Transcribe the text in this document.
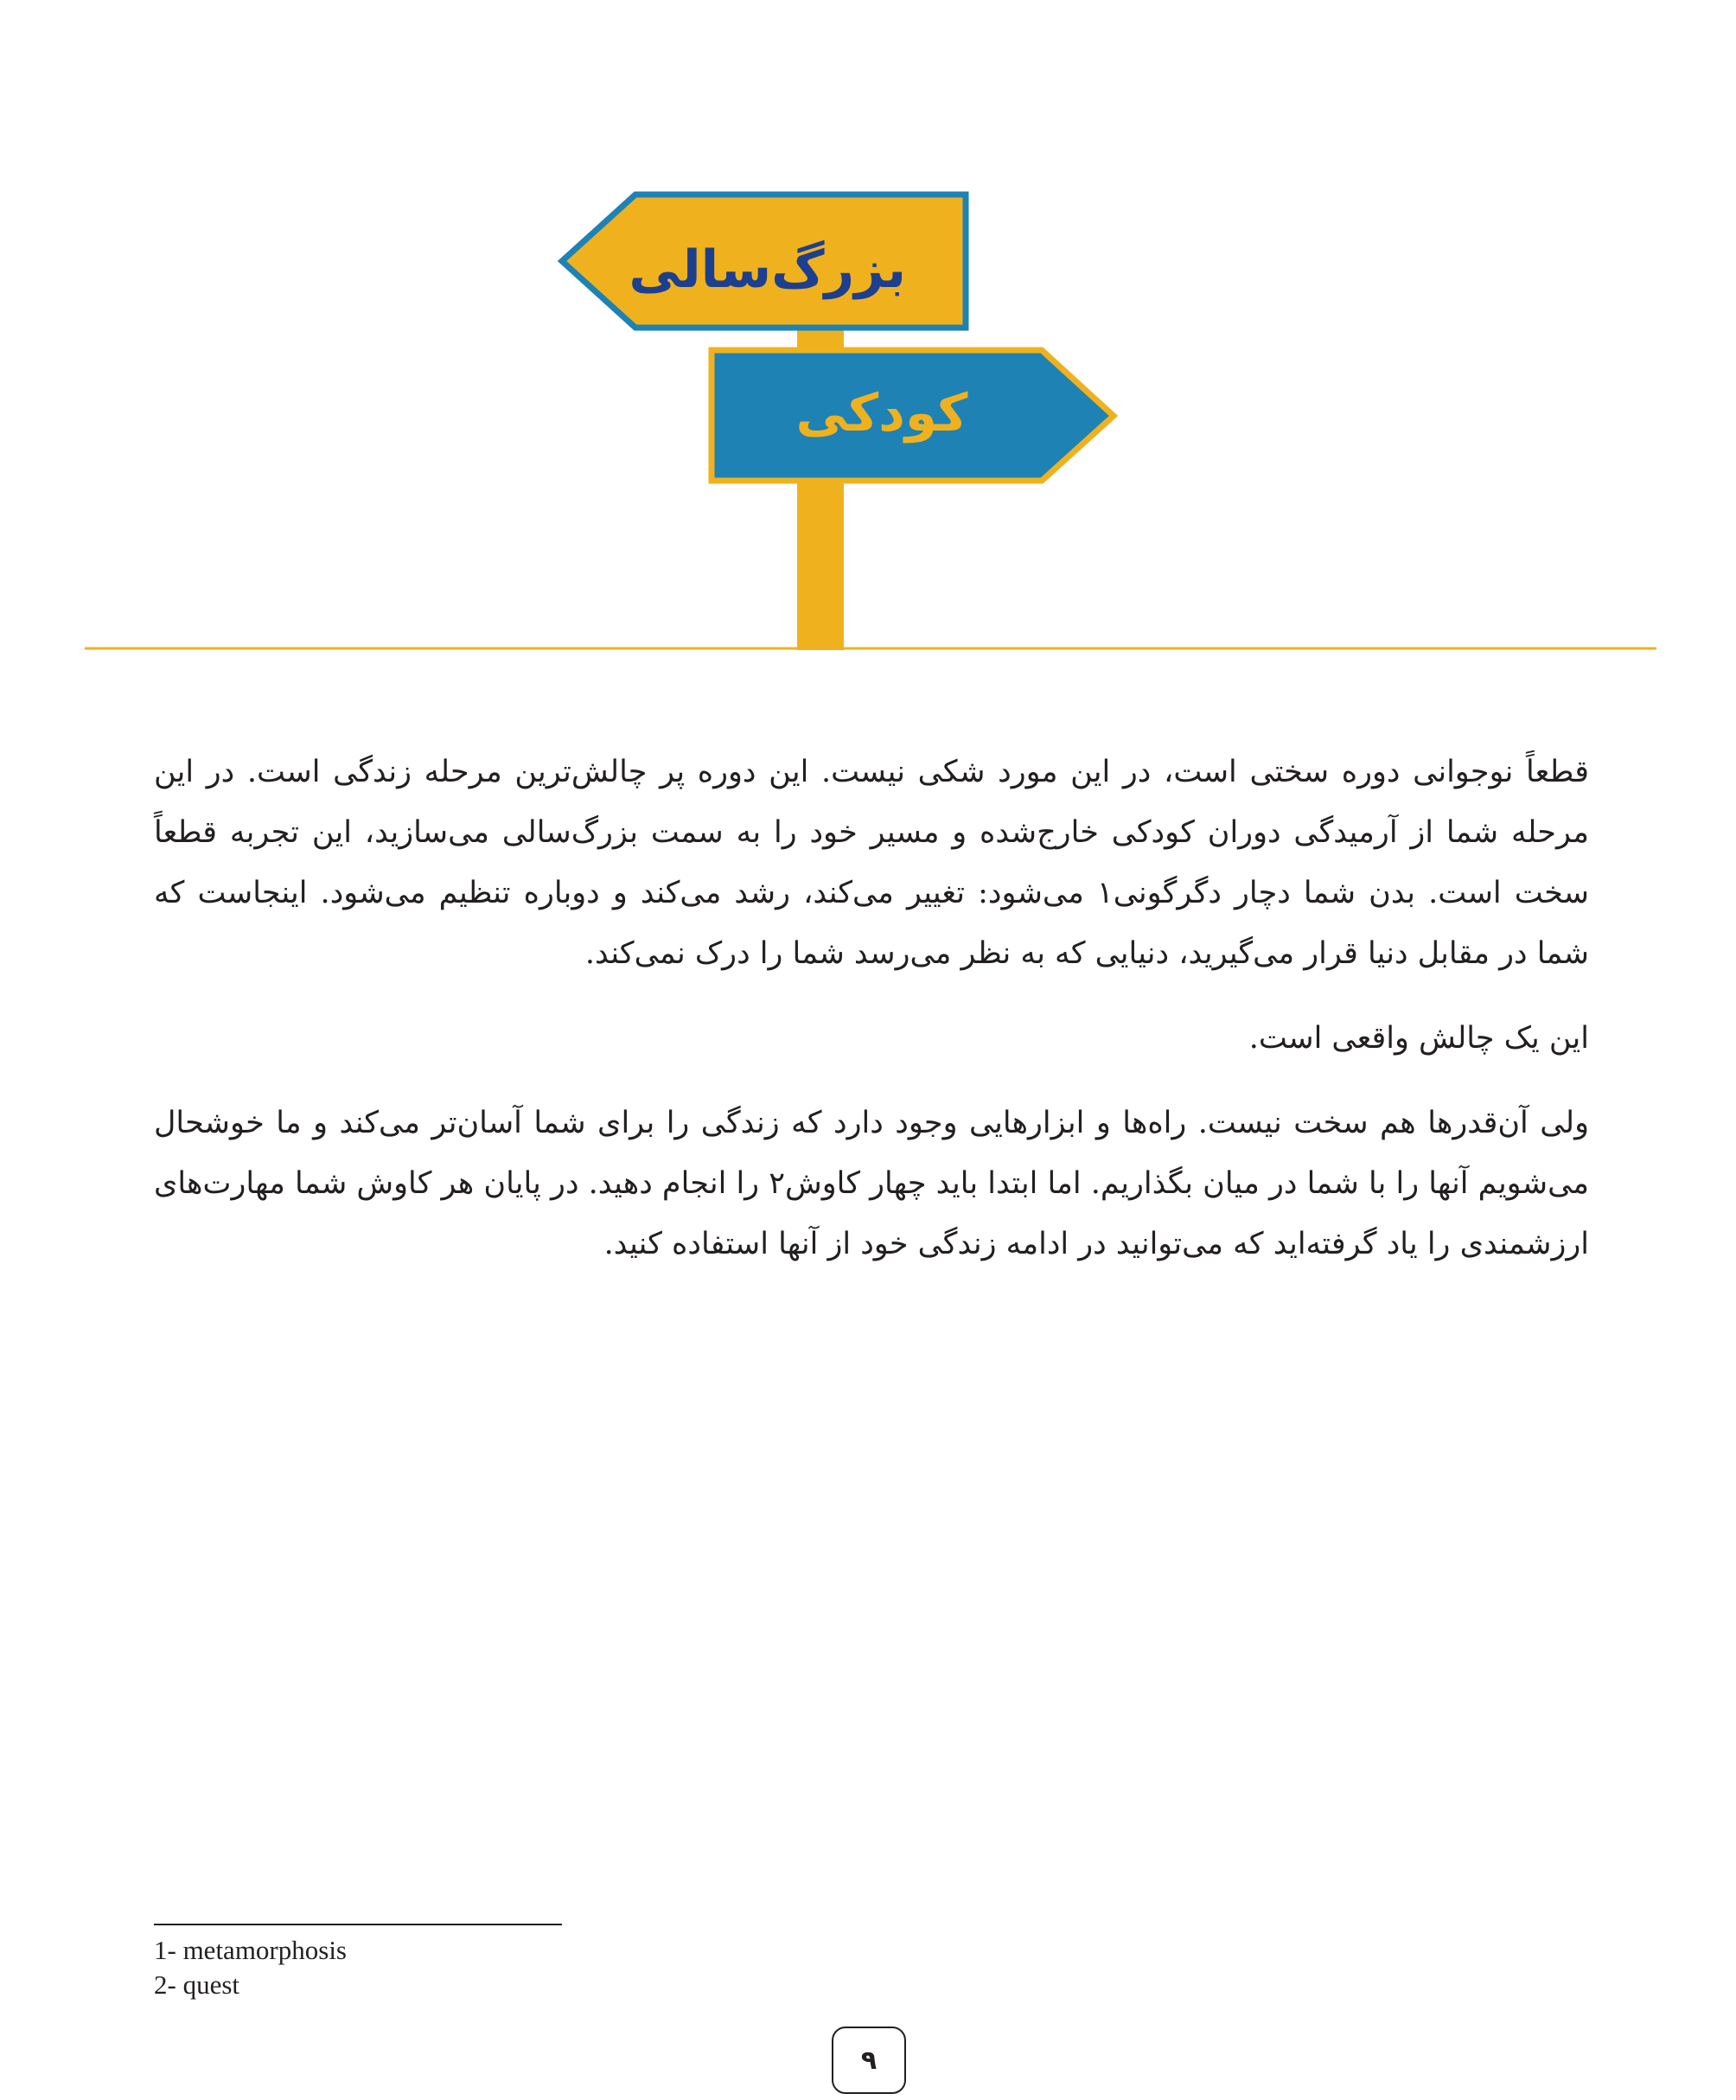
بزرگ‌سالی
کودکی

قطعاً نوجوانی دوره سختی است، در این مورد شکی نیست. این دوره پر چالش‌ترین مرحله زندگی است. در این مرحله شما از آرمیدگی دوران کودکی خارج‌شده و مسیر خود را به سمت بزرگ‌سالی می‌سازید، این تجربه قطعاً سخت است. بدن شما دچار دگرگونی۱ می‌شود: تغییر می‌کند، رشد می‌کند و دوباره تنظیم می‌شود. اینجاست که شما در مقابل دنیا قرار می‌گیرید، دنیایی که به نظر می‌رسد شما را درک نمی‌کند.

این یک چالش واقعی است.

ولی آن‌قدرها هم سخت نیست. راه‌ها و ابزارهایی وجود دارد که زندگی را برای شما آسان‌تر می‌کند و ما خوشحال می‌شویم آنها را با شما در میان بگذاریم. اما ابتدا باید چهار کاوش۲ را انجام دهید. در پایان هر کاوش شما مهارت‌های ارزشمندی را یاد گرفته‌اید که می‌توانید در ادامه زندگی خود از آنها استفاده کنید.

1- metamorphosis
2- quest
۹
